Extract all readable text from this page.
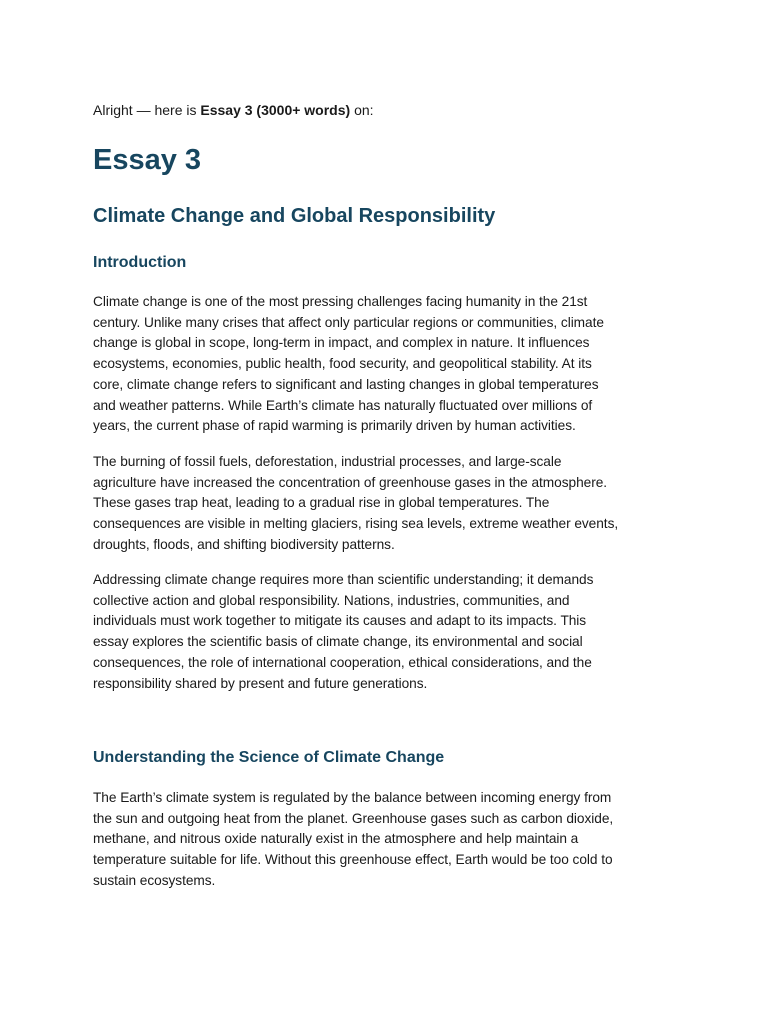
Alright — here is Essay 3 (3000+ words) on:
Essay 3
Climate Change and Global Responsibility
Introduction

Climate change is one of the most pressing challenges facing humanity in the 21st
century. Unlike many crises that affect only particular regions or communities, climate
change is global in scope, long-term in impact, and complex in nature. It influences
ecosystems, economies, public health, food security, and geopolitical stability. At its
core, climate change refers to significant and lasting changes in global temperatures
and weather patterns. While Earth’s climate has naturally fluctuated over millions of
years, the current phase of rapid warming is primarily driven by human activities.

The burning of fossil fuels, deforestation, industrial processes, and large-scale
agriculture have increased the concentration of greenhouse gases in the atmosphere.
These gases trap heat, leading to a gradual rise in global temperatures. The
consequences are visible in melting glaciers, rising sea levels, extreme weather events,
droughts, floods, and shifting biodiversity patterns.

Addressing climate change requires more than scientific understanding; it demands
collective action and global responsibility. Nations, industries, communities, and
individuals must work together to mitigate its causes and adapt to its impacts. This
essay explores the scientific basis of climate change, its environmental and social
consequences, the role of international cooperation, ethical considerations, and the
responsibility shared by present and future generations.

Understanding the Science of Climate Change

The Earth’s climate system is regulated by the balance between incoming energy from
the sun and outgoing heat from the planet. Greenhouse gases such as carbon dioxide,
methane, and nitrous oxide naturally exist in the atmosphere and help maintain a
temperature suitable for life. Without this greenhouse effect, Earth would be too cold to
sustain ecosystems.
